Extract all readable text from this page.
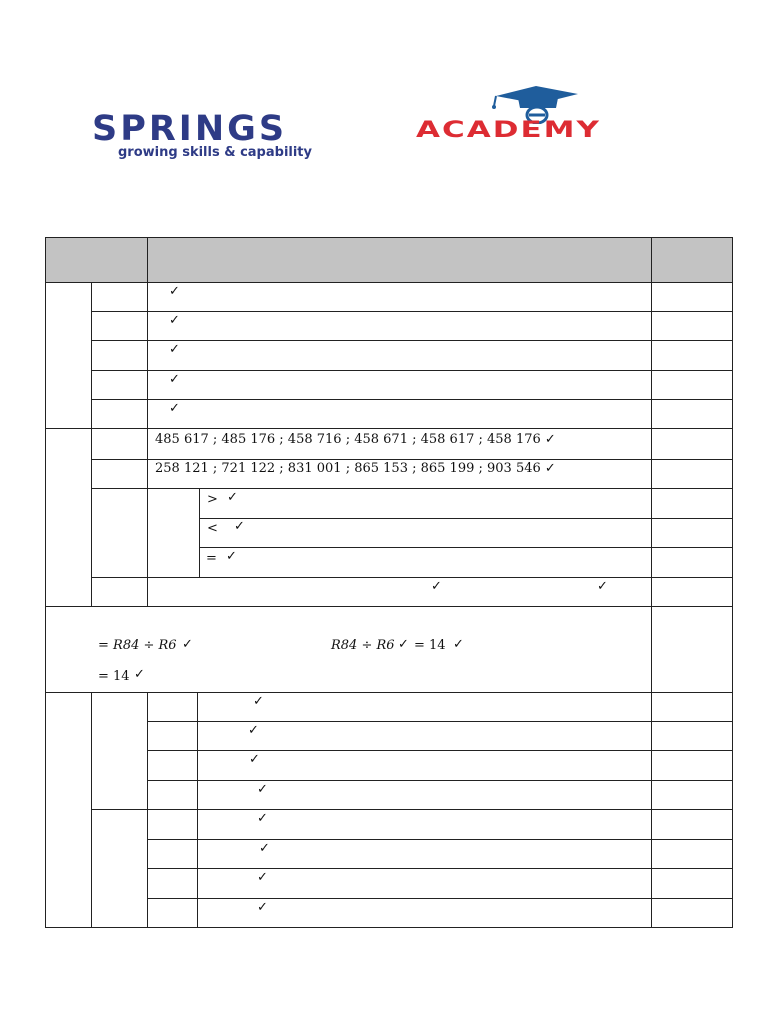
SPRINGS
growing skills & capability
ACADEMY
✓
✓
✓
✓
✓
485 617 ; 485 176 ; 458 716 ; 458 671 ; 458 617 ; 458 176 ✓
258 121 ; 721 122 ; 831 001 ; 865 153 ; 865 199 ; 903 546 ✓
> ✓
< ✓
= ✓
✓	✓
= R84 ÷ R6 ✓	R84 ÷ R6 ✓ = 14 ✓
= 14 ✓
✓
✓
✓
✓
✓
✓
✓
✓
